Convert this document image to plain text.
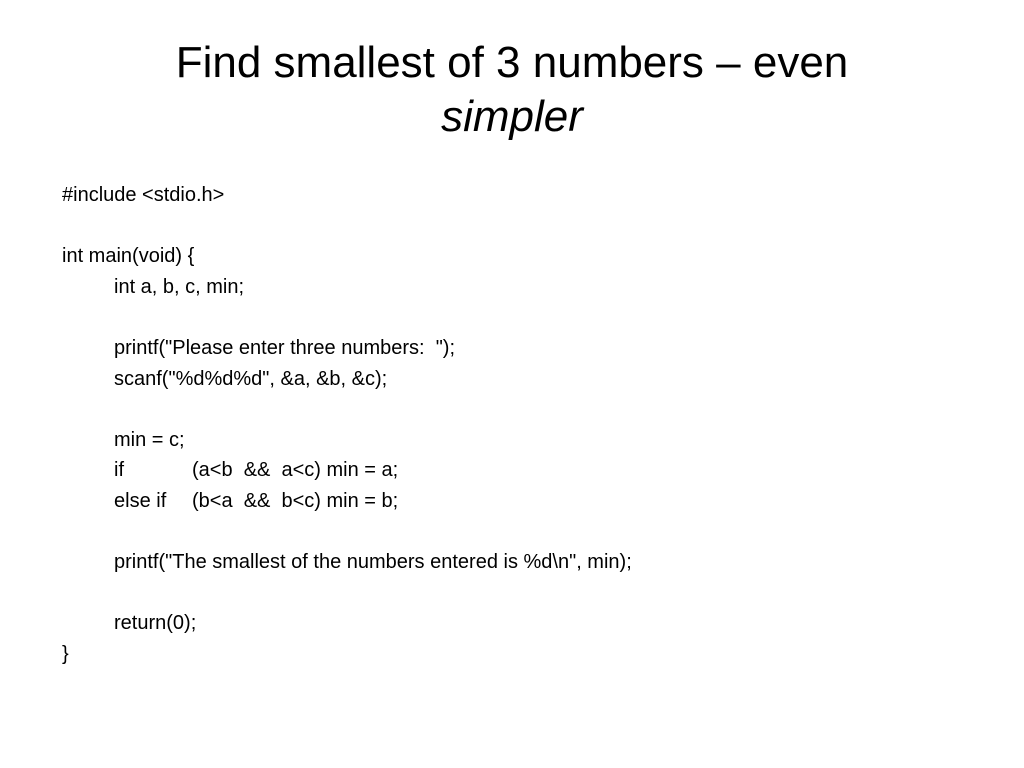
Find smallest of 3 numbers – even
simpler
#include <stdio.h>
int main(void) {
int a, b, c, min;
printf("Please enter three numbers:  ");
scanf("%d%d%d", &a, &b, &c);
min = c;
if	(a<b  &&  a<c) min = a;
else if (b<a  &&  b<c) min = b;
printf("The smallest of the numbers entered is %d\n", min);
return(0);
}
